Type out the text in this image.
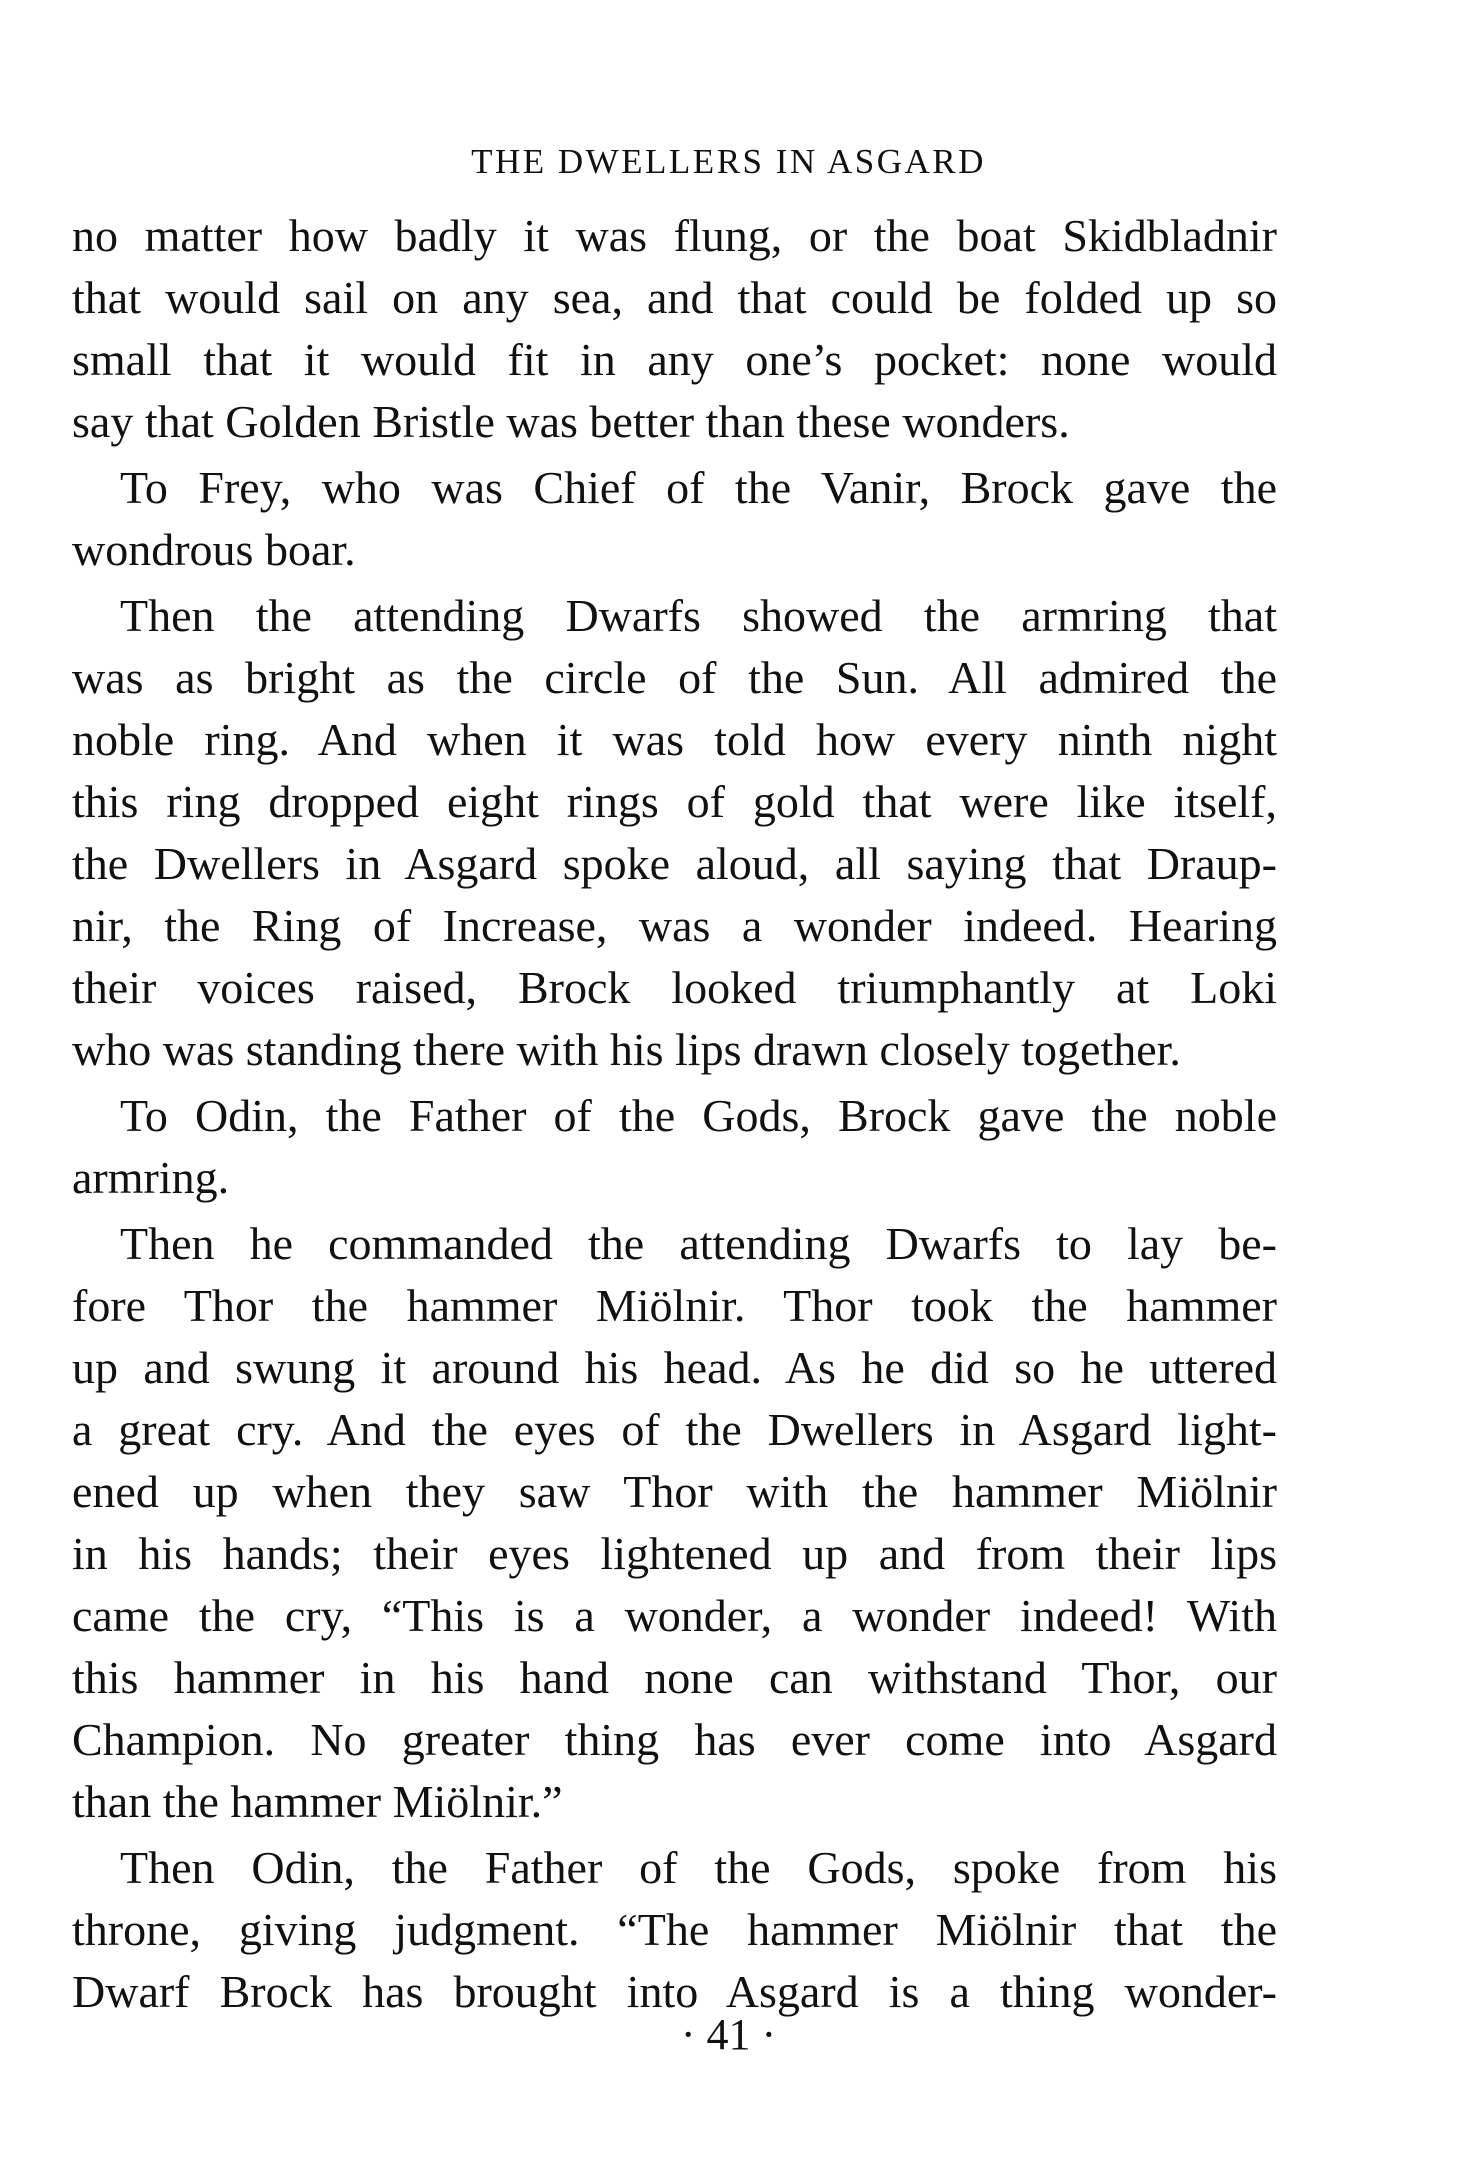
THE DWELLERS IN ASGARD
no matter how badly it was flung, or the boat Skidbladnir
that would sail on any sea, and that could be folded up so
small that it would fit in any one’s pocket: none would
say that Golden Bristle was better than these wonders.
To Frey, who was Chief of the Vanir, Brock gave the
wondrous boar.
Then the attending Dwarfs showed the armring that
was as bright as the circle of the Sun. All admired the
noble ring. And when it was told how every ninth night
this ring dropped eight rings of gold that were like itself,
the Dwellers in Asgard spoke aloud, all saying that Draup-
nir, the Ring of Increase, was a wonder indeed. Hearing
their voices raised, Brock looked triumphantly at Loki
who was standing there with his lips drawn closely together.
To Odin, the Father of the Gods, Brock gave the noble
armring.
Then he commanded the attending Dwarfs to lay be-
fore Thor the hammer Miölnir. Thor took the hammer
up and swung it around his head. As he did so he uttered
a great cry. And the eyes of the Dwellers in Asgard light-
ened up when they saw Thor with the hammer Miölnir
in his hands; their eyes lightened up and from their lips
came the cry, “This is a wonder, a wonder indeed! With
this hammer in his hand none can withstand Thor, our
Champion. No greater thing has ever come into Asgard
than the hammer Miölnir.”
Then Odin, the Father of the Gods, spoke from his
throne, giving judgment. “The hammer Miölnir that the
Dwarf Brock has brought into Asgard is a thing wonder-
· 41 ·
